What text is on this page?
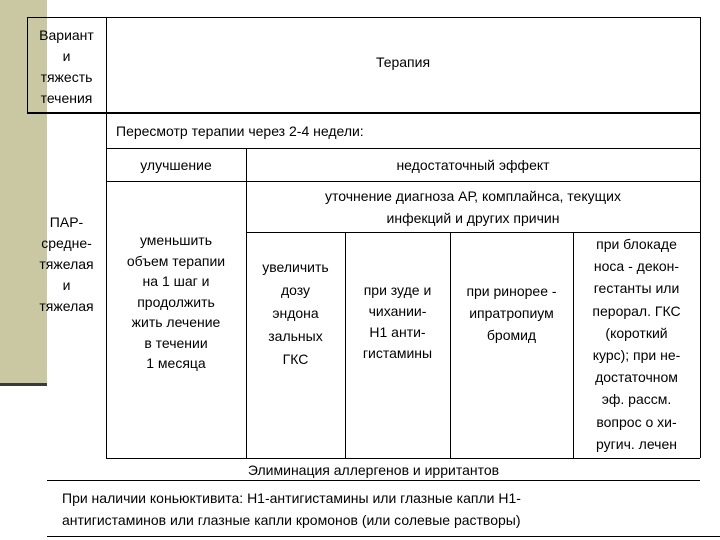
Вариант
и
тяжесть
течения
Терапия
Пересмотр терапии через 2-4 недели:
улучшение	недостаточный эффект
уточнение диагноза АР, комплайнса, текущих
инфекций и других причин
ПАР-
средне-
тяжелая
и
тяжелая
уменьшить
объем терапии
на 1 шаг и
продолжить
жить лечение
в течении
1 месяца
увеличить
дозу
эндона
зальных
ГКС
при зуде и
чихании-
Н1 анти-
гистамины
при ринорее -
ипратропиум
бромид
при блокаде
носа - декон-
гестанты или
перорал. ГКС
(короткий
курс); при не-
достаточном
эф. рассм.
вопрос о хи-
ругич. лечен
Элиминация аллергенов и ирритантов
При наличии коньюктивита: Н1-антигистамины или глазные капли Н1-
антигистаминов или глазные капли кромонов (или солевые растворы)
